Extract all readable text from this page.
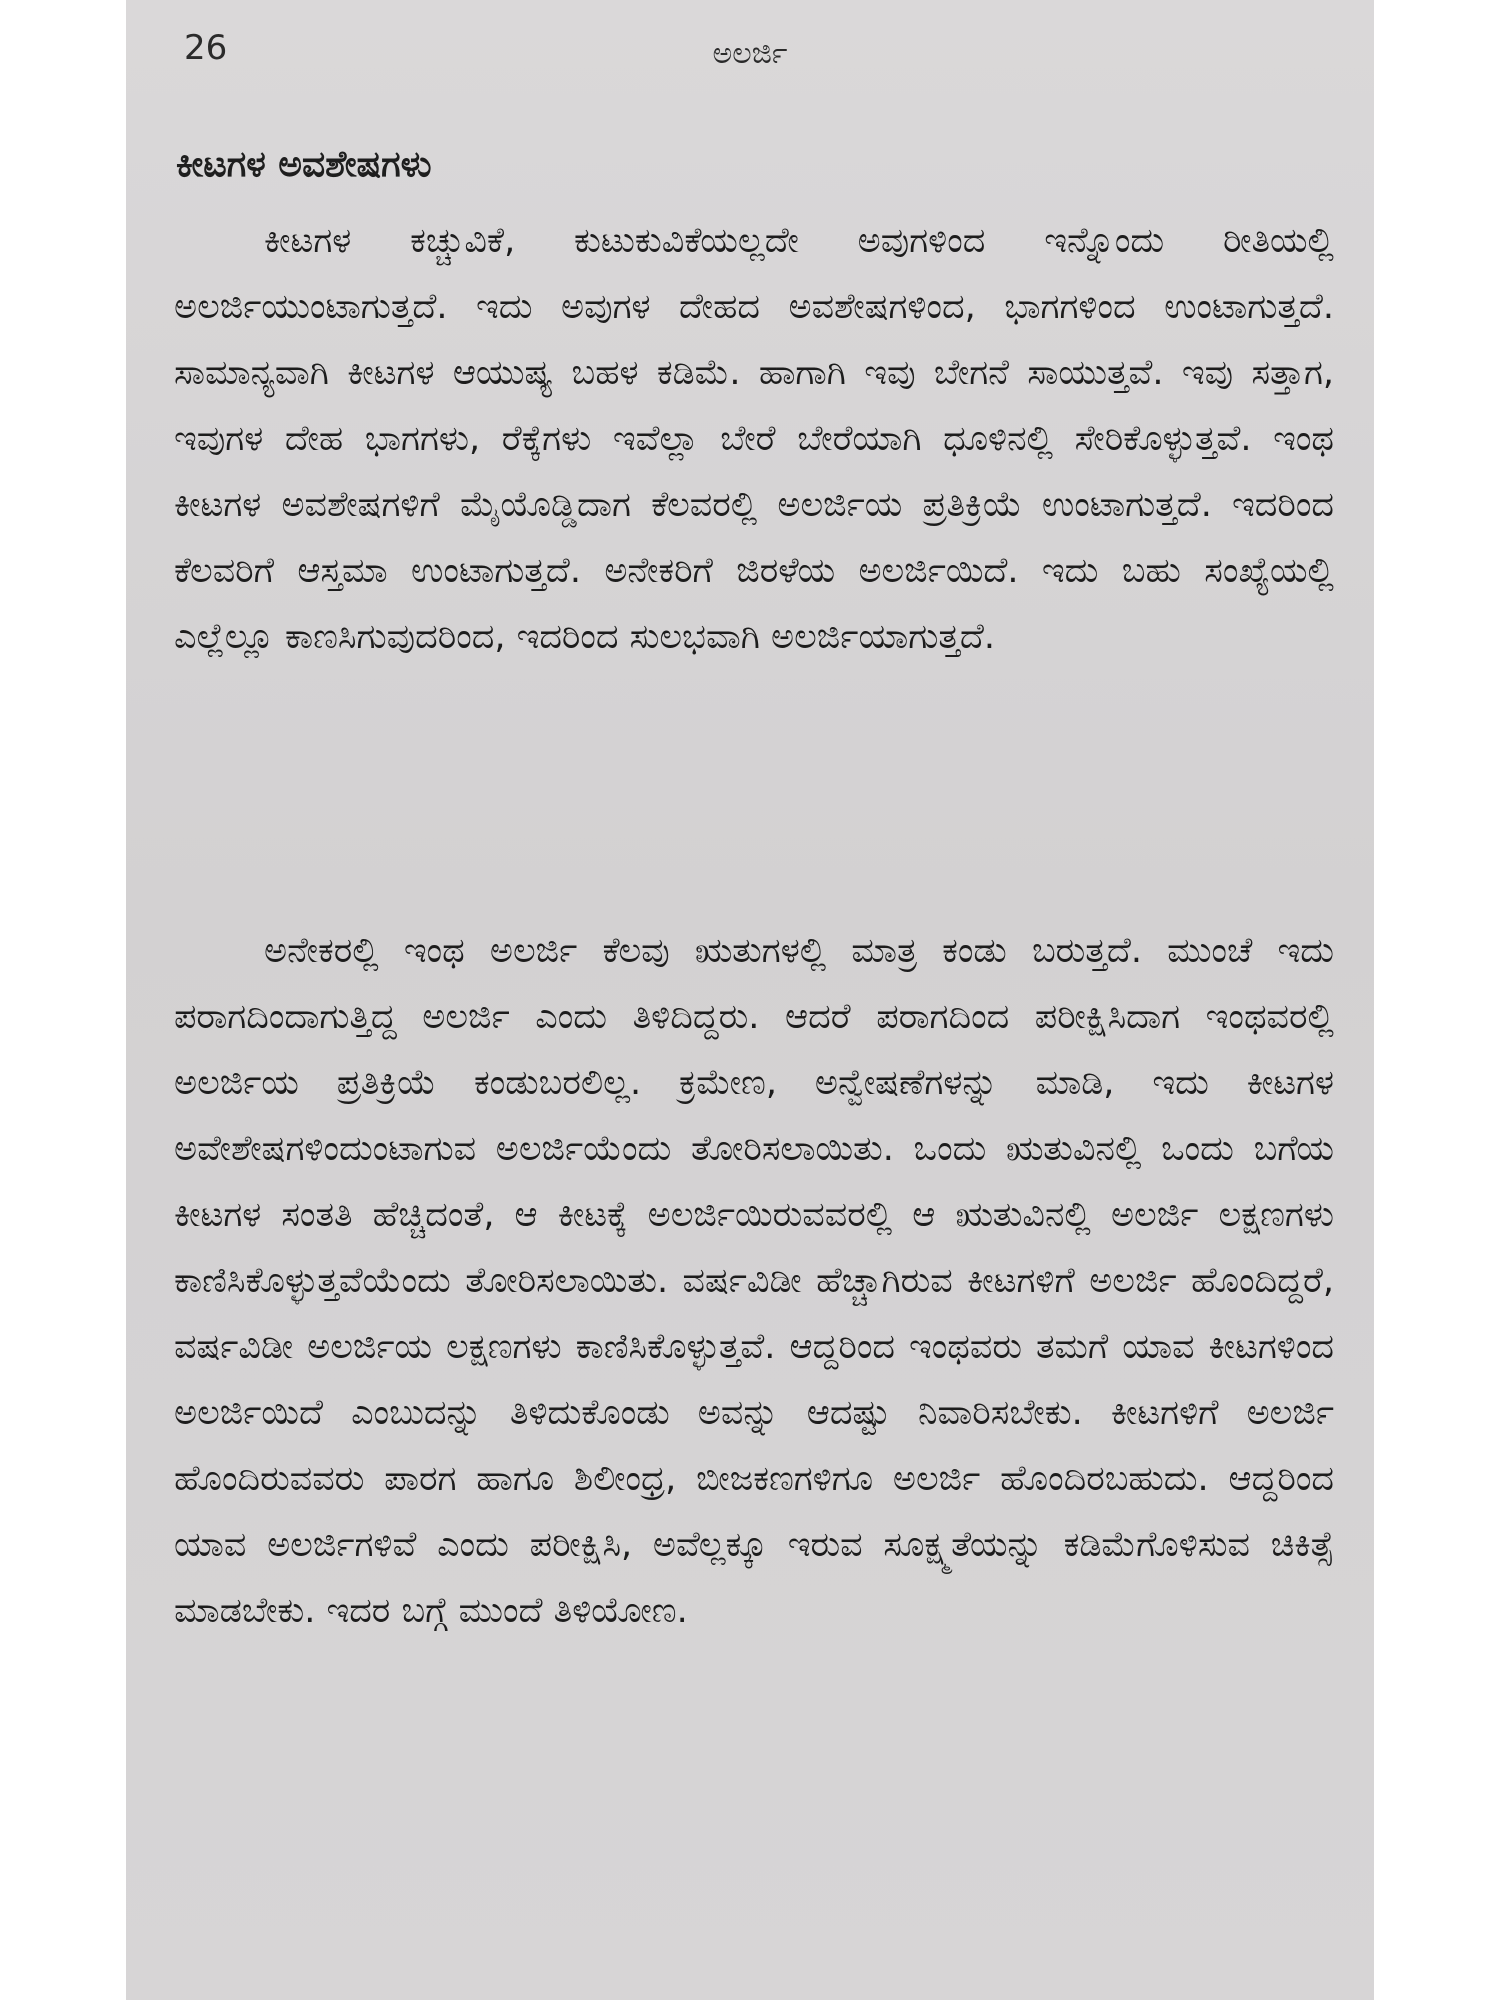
26	ಅಲರ್ಜಿ
ಕೀಟಗಳ ಅವಶೇಷಗಳು

ಕೀಟಗಳ ಕಚ್ಚುವಿಕೆ, ಕುಟುಕುವಿಕೆಯಲ್ಲದೇ ಅವುಗಳಿಂದ ಇನ್ನೊಂದು ರೀತಿಯಲ್ಲಿ ಅಲರ್ಜಿಯುಂಟಾಗುತ್ತದೆ. ಇದು ಅವುಗಳ ದೇಹದ ಅವಶೇಷಗಳಿಂದ, ಭಾಗಗಳಿಂದ ಉಂಟಾಗುತ್ತದೆ. ಸಾಮಾನ್ಯವಾಗಿ ಕೀಟಗಳ ಆಯುಷ್ಯ ಬಹಳ ಕಡಿಮೆ. ಹಾಗಾಗಿ ಇವು ಬೇಗನೆ ಸಾಯುತ್ತವೆ. ಇವು ಸತ್ತಾಗ, ಇವುಗಳ ದೇಹ ಭಾಗಗಳು, ರೆಕ್ಕೆಗಳು ಇವೆಲ್ಲಾ ಬೇರೆ ಬೇರೆಯಾಗಿ ಧೂಳಿನಲ್ಲಿ ಸೇರಿಕೊಳ್ಳುತ್ತವೆ. ಇಂಥ ಕೀಟಗಳ ಅವಶೇಷಗಳಿಗೆ ಮೈಯೊಡ್ಡಿದಾಗ ಕೆಲವರಲ್ಲಿ ಅಲರ್ಜಿಯ ಪ್ರತಿಕ್ರಿಯೆ ಉಂಟಾಗುತ್ತದೆ. ಇದರಿಂದ ಕೆಲವರಿಗೆ ಆಸ್ತಮಾ ಉಂಟಾಗುತ್ತದೆ. ಅನೇಕರಿಗೆ ಜಿರಳೆಯ ಅಲರ್ಜಿಯಿದೆ. ಇದು ಬಹು ಸಂಖ್ಯೆಯಲ್ಲಿ ಎಲ್ಲೆಲ್ಲೂ ಕಾಣಸಿಗುವುದರಿಂದ, ಇದರಿಂದ ಸುಲಭವಾಗಿ ಅಲರ್ಜಿಯಾಗುತ್ತದೆ.

ಅನೇಕರಲ್ಲಿ ಇಂಥ ಅಲರ್ಜಿ ಕೆಲವು ಋತುಗಳಲ್ಲಿ ಮಾತ್ರ ಕಂಡು ಬರುತ್ತದೆ. ಮುಂಚೆ ಇದು ಪರಾಗದಿಂದಾಗುತ್ತಿದ್ದ ಅಲರ್ಜಿ ಎಂದು ತಿಳಿದಿದ್ದರು. ಆದರೆ ಪರಾಗದಿಂದ ಪರೀಕ್ಷಿಸಿದಾಗ ಇಂಥವರಲ್ಲಿ ಅಲರ್ಜಿಯ ಪ್ರತಿಕ್ರಿಯೆ ಕಂಡುಬರಲಿಲ್ಲ. ಕ್ರಮೇಣ, ಅನ್ವೇಷಣೆಗಳನ್ನು ಮಾಡಿ, ಇದು ಕೀಟಗಳ ಅವೇಶೇಷಗಳಿಂದುಂಟಾಗುವ ಅಲರ್ಜಿಯೆಂದು ತೋರಿಸಲಾಯಿತು. ಒಂದು ಋತುವಿನಲ್ಲಿ ಒಂದು ಬಗೆಯ ಕೀಟಗಳ ಸಂತತಿ ಹೆಚ್ಚಿದಂತೆ, ಆ ಕೀಟಕ್ಕೆ ಅಲರ್ಜಿಯಿರುವವರಲ್ಲಿ ಆ ಋತುವಿನಲ್ಲಿ ಅಲರ್ಜಿ ಲಕ್ಷಣಗಳು ಕಾಣಿಸಿಕೊಳ್ಳುತ್ತವೆಯೆಂದು ತೋರಿಸಲಾಯಿತು. ವರ್ಷವಿಡೀ ಹೆಚ್ಚಾಗಿರುವ ಕೀಟಗಳಿಗೆ ಅಲರ್ಜಿ ಹೊಂದಿದ್ದರೆ, ವರ್ಷವಿಡೀ ಅಲರ್ಜಿಯ ಲಕ್ಷಣಗಳು ಕಾಣಿಸಿಕೊಳ್ಳುತ್ತವೆ. ಆದ್ದರಿಂದ ಇಂಥವರು ತಮಗೆ ಯಾವ ಕೀಟಗಳಿಂದ ಅಲರ್ಜಿಯಿದೆ ಎಂಬುದನ್ನು ತಿಳಿದುಕೊಂಡು ಅವನ್ನು ಆದಷ್ಟು ನಿವಾರಿಸಬೇಕು. ಕೀಟಗಳಿಗೆ ಅಲರ್ಜಿ ಹೊಂದಿರುವವರು ಪಾರಗ ಹಾಗೂ ಶಿಲೀಂಧ್ರ, ಬೀಜಕಣಗಳಿಗೂ ಅಲರ್ಜಿ ಹೊಂದಿರಬಹುದು. ಆದ್ದರಿಂದ ಯಾವ ಅಲರ್ಜಿಗಳಿವೆ ಎಂದು ಪರೀಕ್ಷಿಸಿ, ಅವೆಲ್ಲಕ್ಕೂ ಇರುವ ಸೂಕ್ಷ್ಮತೆಯನ್ನು ಕಡಿಮೆಗೊಳಿಸುವ ಚಿಕಿತ್ಸೆ ಮಾಡಬೇಕು. ಇದರ ಬಗ್ಗೆ ಮುಂದೆ ತಿಳಿಯೋಣ.
